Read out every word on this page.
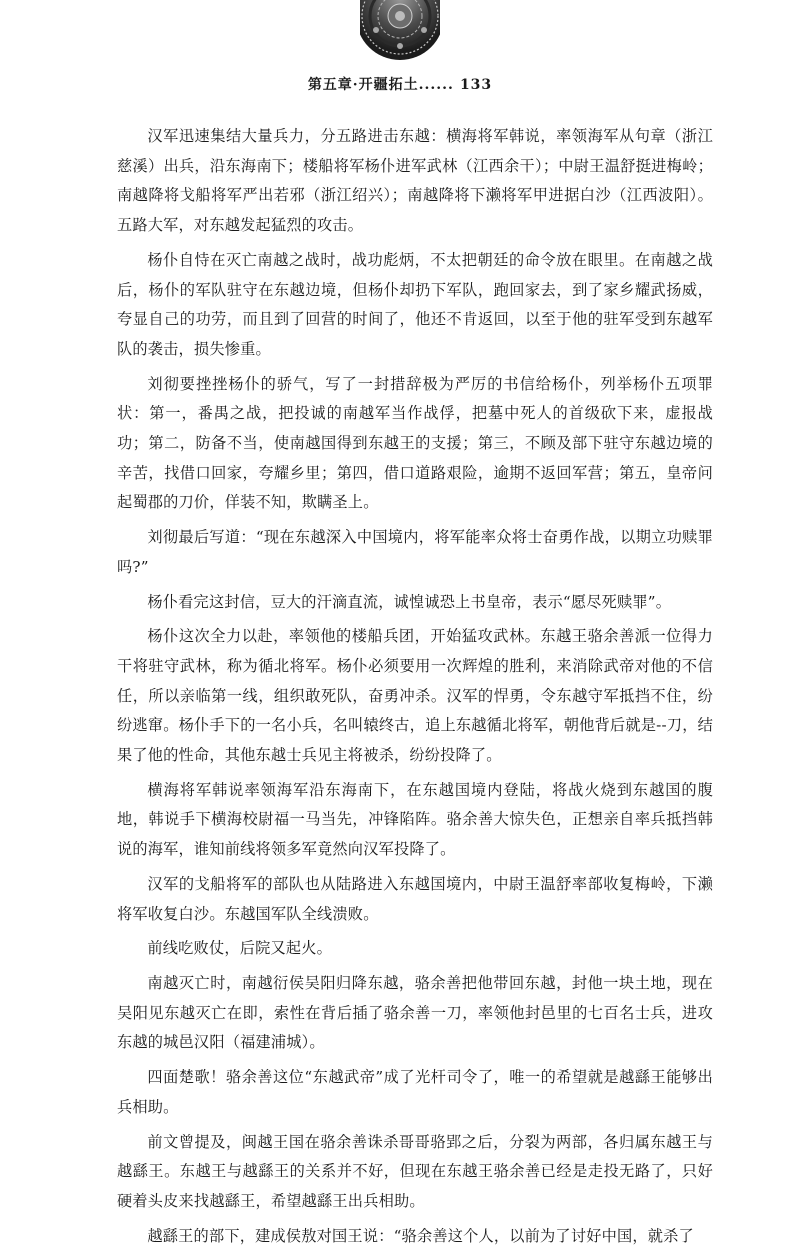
第五章·开疆拓土...... 133

汉军迅速集结大量兵力，分五路进击东越：横海将军韩说，率领海军从句章（浙江慈溪）出兵，沿东海南下；楼船将军杨仆进军武林（江西余干）；中尉王温舒挺进梅岭；南越降将戈船将军严出若邪（浙江绍兴）；南越降将下濑将军甲进据白沙（江西波阳）。五路大军，对东越发起猛烈的攻击。

杨仆自恃在灭亡南越之战时，战功彪炳，不太把朝廷的命令放在眼里。在南越之战后，杨仆的军队驻守在东越边境，但杨仆却扔下军队，跑回家去，到了家乡耀武扬威，夸显自己的功劳，而且到了回营的时间了，他还不肯返回，以至于他的驻军受到东越军队的袭击，损失惨重。

刘彻要挫挫杨仆的骄气，写了一封措辞极为严厉的书信给杨仆，列举杨仆五项罪状：第一，番禺之战，把投诚的南越军当作战俘，把墓中死人的首级砍下来，虚报战功；第二，防备不当，使南越国得到东越王的支援；第三，不顾及部下驻守东越边境的辛苦，找借口回家，夸耀乡里；第四，借口道路艰险，逾期不返回军营；第五，皇帝问起蜀郡的刀价，佯装不知，欺瞒圣上。

刘彻最后写道：“现在东越深入中国境内，将军能率众将士奋勇作战，以期立功赎罪吗?”

杨仆看完这封信，豆大的汗滴直流，诚惶诚恐上书皇帝，表示“愿尽死赎罪”。

杨仆这次全力以赴，率领他的楼船兵团，开始猛攻武林。东越王骆余善派一位得力干将驻守武林，称为循北将军。杨仆必须要用一次辉煌的胜利，来消除武帝对他的不信任，所以亲临第一线，组织敢死队，奋勇冲杀。汉军的悍勇，令东越守军抵挡不住，纷纷逃窜。杨仆手下的一名小兵，名叫辕终古，追上东越循北将军，朝他背后就是--刀，结果了他的性命，其他东越士兵见主将被杀，纷纷投降了。

横海将军韩说率领海军沿东海南下，在东越国境内登陆，将战火烧到东越国的腹地，韩说手下横海校尉福一马当先，冲锋陷阵。骆余善大惊失色，正想亲自率兵抵挡韩说的海军，谁知前线将领多军竟然向汉军投降了。

汉军的戈船将军的部队也从陆路进入东越国境内，中尉王温舒率部收复梅岭，下濑将军收复白沙。东越国军队全线溃败。

前线吃败仗，后院又起火。

南越灭亡时，南越衍侯吴阳归降东越，骆余善把他带回东越，封他一块土地，现在吴阳见东越灭亡在即，索性在背后插了骆余善一刀，率领他封邑里的七百名士兵，进攻东越的城邑汉阳（福建浦城）。

四面楚歌！骆余善这位“东越武帝”成了光杆司令了，唯一的希望就是越繇王能够出兵相助。

前文曾提及，闽越王国在骆余善诛杀哥哥骆郢之后，分裂为两部，各归属东越王与越繇王。东越王与越繇王的关系并不好，但现在东越王骆余善已经是走投无路了，只好硬着头皮来找越繇王，希望越繇王出兵相助。

越繇王的部下，建成侯敖对国王说：“骆余善这个人，以前为了讨好中国，就杀了
